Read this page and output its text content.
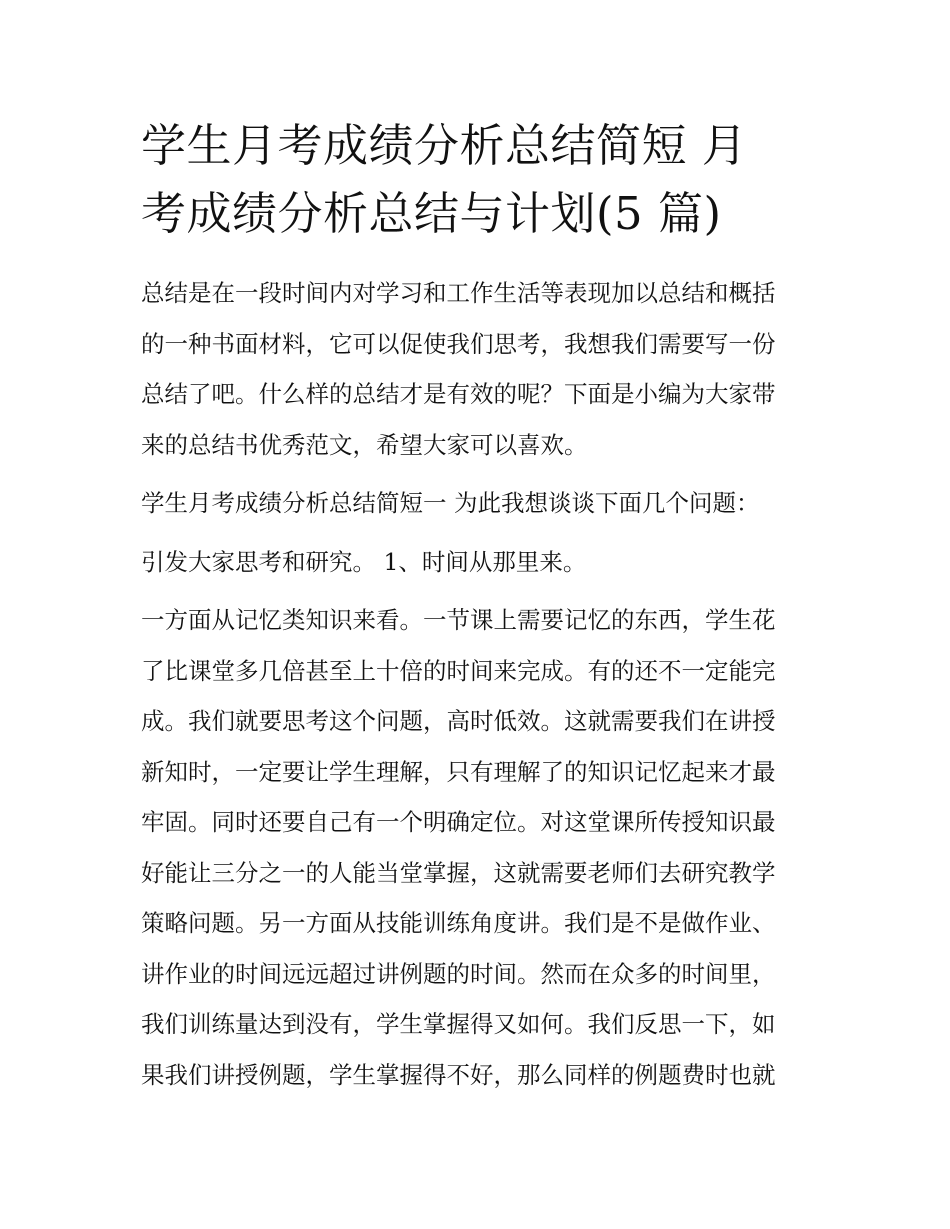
学生月考成绩分析总结简短 月
考成绩分析总结与计划(5 篇)
总结是在一段时间内对学习和工作生活等表现加以总结和概括
的一种书面材料，它可以促使我们思考，我想我们需要写一份
总结了吧。什么样的总结才是有效的呢？下面是小编为大家带
来的总结书优秀范文，希望大家可以喜欢。
学生月考成绩分析总结简短一 为此我想谈谈下面几个问题：
引发大家思考和研究。 1、时间从那里来。
一方面从记忆类知识来看。一节课上需要记忆的东西，学生花
了比课堂多几倍甚至上十倍的时间来完成。有的还不一定能完
成。我们就要思考这个问题，高时低效。这就需要我们在讲授
新知时，一定要让学生理解，只有理解了的知识记忆起来才最
牢固。同时还要自己有一个明确定位。对这堂课所传授知识最
好能让三分之一的人能当堂掌握，这就需要老师们去研究教学
策略问题。另一方面从技能训练角度讲。我们是不是做作业、
讲作业的时间远远超过讲例题的时间。然而在众多的时间里，
我们训练量达到没有，学生掌握得又如何。我们反思一下，如
果我们讲授例题，学生掌握得不好，那么同样的例题费时也就
